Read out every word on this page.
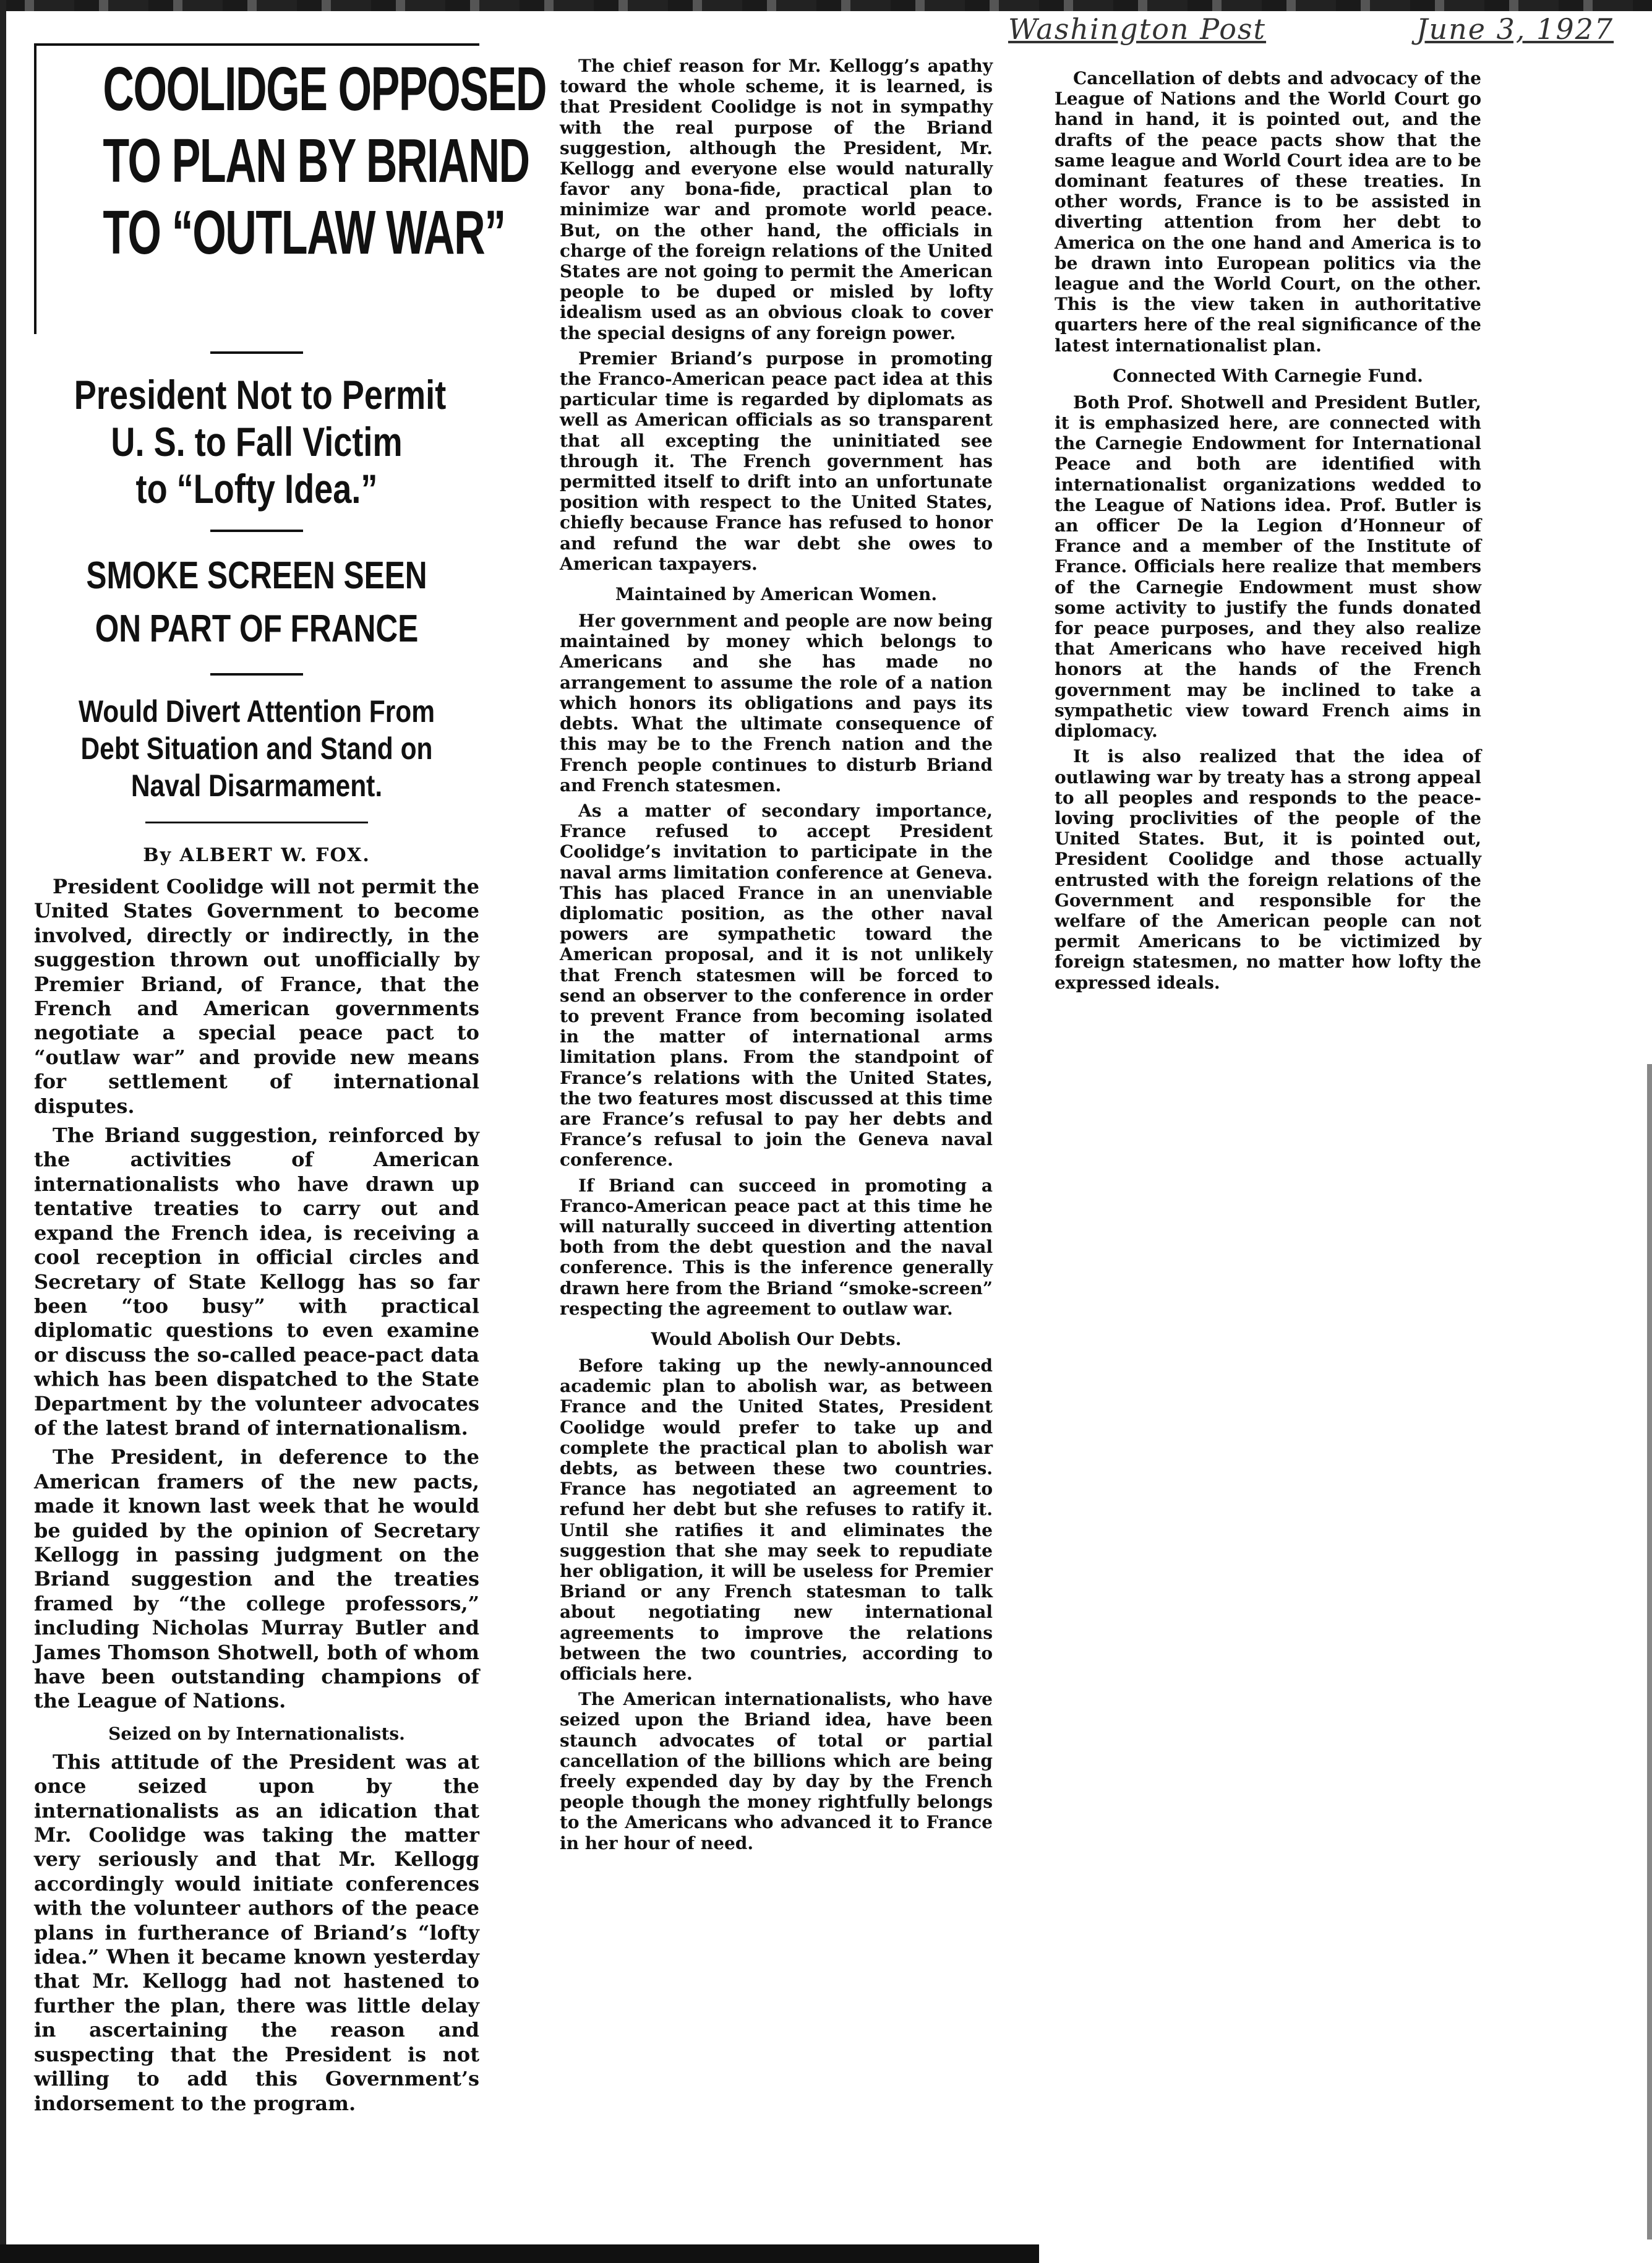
Washington Post	June 3, 1927
COOLIDGE OPPOSED
TO PLAN BY BRIAND
TO “OUTLAW WAR”
President Not to Permit
U. S. to Fall Victim
to “Lofty Idea.”
SMOKE SCREEN SEEN
ON PART OF FRANCE
Would Divert Attention From
Debt Situation and Stand on
Naval Disarmament.
By ALBERT W. FOX.

President Coolidge will not permit the United States Government to become involved, directly or indirectly, in the suggestion thrown out unofficially by Premier Briand, of France, that the French and American governments negotiate a special peace pact to “outlaw war” and provide new means for settlement of international disputes.

The Briand suggestion, reinforced by the activities of American internationalists who have drawn up tentative treaties to carry out and expand the French idea, is receiving a cool reception in official circles and Secretary of State Kellogg has so far been “too busy” with practical diplomatic questions to even examine or discuss the so-called peace-pact data which has been dispatched to the State Department by the volunteer advocates of the latest brand of internationalism.

The President, in deference to the American framers of the new pacts, made it known last week that he would be guided by the opinion of Secretary Kellogg in passing judgment on the Briand suggestion and the treaties framed by “the college professors,” including Nicholas Murray Butler and James Thomson Shotwell, both of whom have been outstanding champions of the League of Nations.

Seized on by Internationalists.

This attitude of the President was at once seized upon by the internationalists as an idication that Mr. Coolidge was taking the matter very seriously and that Mr. Kellogg accordingly would initiate conferences with the volunteer authors of the peace plans in furtherance of Briand’s “lofty idea.” When it became known yesterday that Mr. Kellogg had not hastened to further the plan, there was little delay in ascertaining the reason and suspecting that the President is not willing to add this Government’s indorsement to the program.

The chief reason for Mr. Kellogg’s apathy toward the whole scheme, it is learned, is that President Coolidge is not in sympathy with the real purpose of the Briand suggestion, although the President, Mr. Kellogg and everyone else would naturally favor any bona-fide, practical plan to minimize war and promote world peace. But, on the other hand, the officials in charge of the foreign relations of the United States are not going to permit the American people to be duped or misled by lofty idealism used as an obvious cloak to cover the special designs of any foreign power.

Premier Briand’s purpose in promoting the Franco-American peace pact idea at this particular time is regarded by diplomats as well as American officials as so transparent that all excepting the uninitiated see through it. The French government has permitted itself to drift into an unfortunate position with respect to the United States, chiefly because France has refused to honor and refund the war debt she owes to American taxpayers.

Maintained by American Women.

Her government and people are now being maintained by money which belongs to Americans and she has made no arrangement to assume the role of a nation which honors its obligations and pays its debts. What the ultimate consequence of this may be to the French nation and the French people continues to disturb Briand and French statesmen.

As a matter of secondary importance, France refused to accept President Coolidge’s invitation to participate in the naval arms limitation conference at Geneva. This has placed France in an unenviable diplomatic position, as the other naval powers are sympathetic toward the American proposal, and it is not unlikely that French statesmen will be forced to send an observer to the conference in order to prevent France from becoming isolated in the matter of international arms limitation plans. From the standpoint of France’s relations with the United States, the two features most discussed at this time are France’s refusal to pay her debts and France’s refusal to join the Geneva naval conference.

If Briand can succeed in promoting a Franco-American peace pact at this time he will naturally succeed in diverting attention both from the debt question and the naval conference. This is the inference generally drawn here from the Briand “smoke-screen” respecting the agreement to outlaw war.

Would Abolish Our Debts.

Before taking up the newly-announced academic plan to abolish war, as between France and the United States, President Coolidge would prefer to take up and complete the practical plan to abolish war debts, as between these two countries. France has negotiated an agreement to refund her debt but she refuses to ratify it. Until she ratifies it and eliminates the suggestion that she may seek to repudiate her obligation, it will be useless for Premier Briand or any French statesman to talk about negotiating new international agreements to improve the relations between the two countries, according to officials here.

The American internationalists, who have seized upon the Briand idea, have been staunch advocates of total or partial cancellation of the billions which are being freely expended day by day by the French people though the money rightfully belongs to the Americans who advanced it to France in her hour of need.

Cancellation of debts and advocacy of the League of Nations and the World Court go hand in hand, it is pointed out, and the drafts of the peace pacts show that the same league and World Court idea are to be dominant features of these treaties. In other words, France is to be assisted in diverting attention from her debt to America on the one hand and America is to be drawn into European politics via the league and the World Court, on the other. This is the view taken in authoritative quarters here of the real significance of the latest internationalist plan.

Connected With Carnegie Fund.

Both Prof. Shotwell and President Butler, it is emphasized here, are connected with the Carnegie Endowment for International Peace and both are identified with internationalist organizations wedded to the League of Nations idea. Prof. Butler is an officer De la Legion d’Honneur of France and a member of the Institute of France. Officials here realize that members of the Carnegie Endowment must show some activity to justify the funds donated for peace purposes, and they also realize that Americans who have received high honors at the hands of the French government may be inclined to take a sympathetic view toward French aims in diplomacy.

It is also realized that the idea of outlawing war by treaty has a strong appeal to all peoples and responds to the peace-loving proclivities of the people of the United States. But, it is pointed out, President Coolidge and those actually entrusted with the foreign relations of the Government and responsible for the welfare of the American people can not permit Americans to be victimized by foreign statesmen, no matter how lofty the expressed ideals.
